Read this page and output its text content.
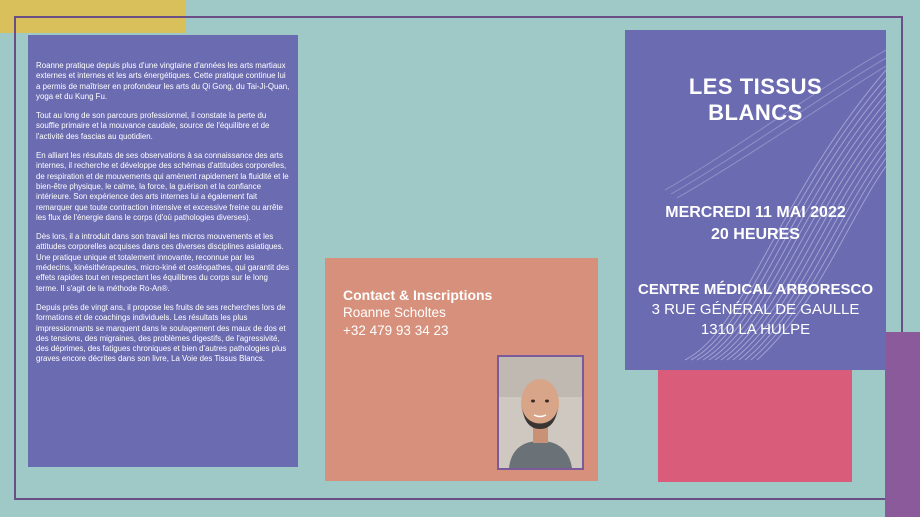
Roanne pratique depuis plus d'une vingtaine d'années les arts martiaux externes et internes et les arts énergétiques. Cette pratique continue lui a permis de maîtriser en profondeur les arts du Qi Gong, du Tai-Ji-Quan, yoga et du Kung Fu.

Tout au long de son parcours professionnel, il constate la perte du souffle primaire et la mouvance caudale, source de l'équilibre et de l'activité des fascias au quotidien.

En alliant les résultats de ses observations à sa connaissance des arts internes, il recherche et développe des schémas d'attitudes corporelles, de respiration et de mouvements qui amènent rapidement la fluidité et le bien-être physique, le calme, la force, la guérison et la confiance intérieure. Son expérience des arts internes lui a également fait remarquer que toute contraction intensive et excessive freine ou arrête les flux de l'énergie dans le corps (d'où pathologies diverses).

Dès lors, il a introduit dans son travail les micros mouvements et les attitudes corporelles acquises dans ces diverses disciplines asiatiques. Une pratique unique et totalement innovante, reconnue par les médecins, kinésithérapeutes, micro-kiné et ostéopathes, qui garantit des effets rapides tout en respectant les équilibres du corps sur le long terme. Il s'agit de la méthode Ro-An®.

Depuis près de vingt ans, il propose les fruits de ses recherches lors de formations et de coachings individuels. Les résultats les plus impressionnants se marquent dans le soulagement des maux de dos et des tensions, des migraines, des problèmes digestifs, de l'agressivité, des déprimes, des fatigues chroniques et bien d'autres pathologies plus graves encore décrites dans son livre, La Voie des Tissus Blancs.

Contact & Inscriptions
Roanne Scholtes
+32 479 93 34 23
LES TISSUS
BLANCS
MERCREDI 11 MAI 2022
20 HEURES
CENTRE MÉDICAL ARBORESCO
3 RUE GÉNÉRAL DE GAULLE
1310 LA HULPE
